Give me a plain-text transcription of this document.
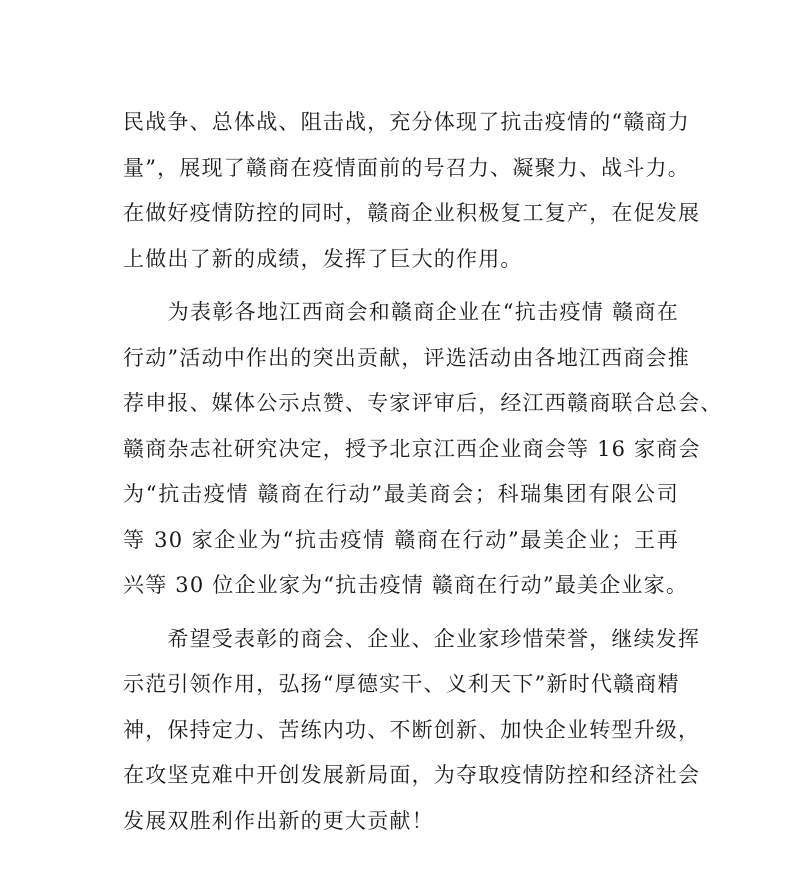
民战争、总体战、阻击战，充分体现了抗击疫情的“赣商力
量”，展现了赣商在疫情面前的号召力、凝聚力、战斗力。
在做好疫情防控的同时，赣商企业积极复工复产，在促发展
上做出了新的成绩，发挥了巨大的作用。
　　为表彰各地江西商会和赣商企业在“抗击疫情 赣商在
行动”活动中作出的突出贡献，评选活动由各地江西商会推
荐申报、媒体公示点赞、专家评审后，经江西赣商联合总会、
赣商杂志社研究决定，授予北京江西企业商会等 16 家商会
为“抗击疫情 赣商在行动”最美商会；科瑞集团有限公司
等 30 家企业为“抗击疫情 赣商在行动”最美企业；王再
兴等 30 位企业家为“抗击疫情 赣商在行动”最美企业家。
　　希望受表彰的商会、企业、企业家珍惜荣誉，继续发挥
示范引领作用，弘扬“厚德实干、义利天下”新时代赣商精
神，保持定力、苦练内功、不断创新、加快企业转型升级，
在攻坚克难中开创发展新局面，为夺取疫情防控和经济社会
发展双胜利作出新的更大贡献！
